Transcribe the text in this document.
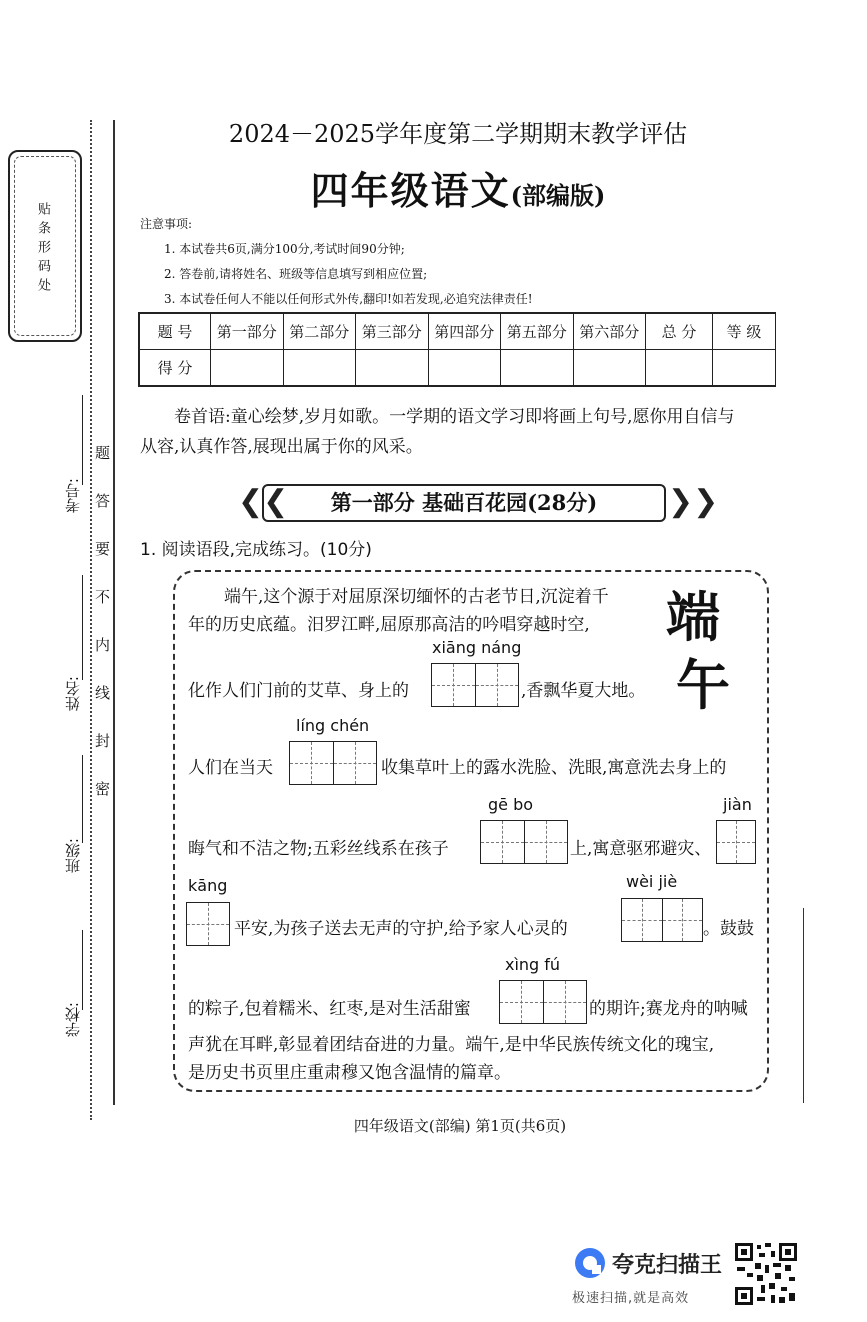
贴条形码处
考号:
姓名:
班级:
学校:
题
答
要
不
内
线
封
密
2024－2025学年度第二学期期末教学评估
四年级语文(部编版)
注意事项:
1. 本试卷共6页,满分100分,考试时间90分钟;
2. 答卷前,请将姓名、班级等信息填写到相应位置;
3. 本试卷任何人不能以任何形式外传,翻印!如若发现,必追究法律责任!
题 号	第一部分	第二部分	第三部分	第四部分	第五部分	第六部分	总 分	等 级
得 分								
卷首语:童心绘梦,岁月如歌。一学期的语文学习即将画上句号,愿你用自信与
从容,认真作答,展现出属于你的风采。
❮❮	第一部分 基础百花园(28分)	❯❯
1. 阅读语段,完成练习。(10分)
端午,这个源于对屈原深切缅怀的古老节日,沉淀着千
年的历史底蕴。汨罗江畔,屈原那高洁的吟唱穿越时空, 端
午
xiāng náng
化作人们门前的艾草、身上的	,香飘华夏大地。
líng chén
人们在当天	收集草叶上的露水洗脸、洗眼,寓意洗去身上的
gē bo	jiàn
晦气和不洁之物;五彩丝线系在孩子	上,寓意驱邪避灾、
kāng	wèi jiè
平安,为孩子送去无声的守护,给予家人心灵的	。鼓鼓
xìng fú
的粽子,包着糯米、红枣,是对生活甜蜜	的期许;赛龙舟的呐喊
声犹在耳畔,彰显着团结奋进的力量。端午,是中华民族传统文化的瑰宝,
是历史书页里庄重肃穆又饱含温情的篇章。
四年级语文(部编) 第1页(共6页)
夸克扫描王
极速扫描,就是高效
